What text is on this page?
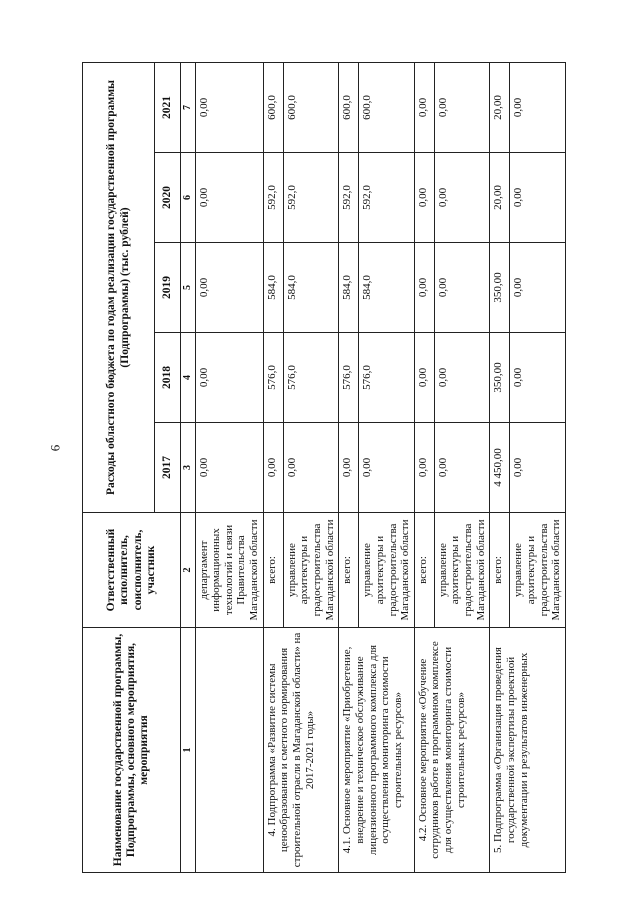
6
Наименование государственной программы, Подпрограммы, основного мероприятия, мероприятия	Ответственный исполнитель, соисполнитель, участник	Расходы областного бюджета по годам реализации государственной программы (Подпрограммы) (тыс. рублей)				
		2017	2018	2019	2020	2021
1	2	3	4	5	6	7
	департамент информационных технологий и связи Правительства Магаданской области	0,00	0,00	0,00	0,00	0,00
4. Подпрограмма «Развитие системы ценообразования и сметного нормирования строительной отрасли в Магаданской области» на 2017-2021 годы»	всего:	0,00	576,0	584,0	592,0	600,0
	управление архитектуры и градостроительства Магаданской области	0,00	576,0	584,0	592,0	600,0
4.1. Основное мероприятие «Приобретение, внедрение и техническое обслуживание лицензионного программного комплекса для осуществления мониторинга стоимости строительных ресурсов»	всего:	0,00	576,0	584,0	592,0	600,0
	управление архитектуры и градостроительства Магаданской области	0,00	576,0	584,0	592,0	600,0
4.2. Основное мероприятие «Обучение сотрудников работе в программном комплексе для осуществления мониторинга стоимости строительных ресурсов»	всего:	0,00	0,00	0,00	0,00	0,00
	управление архитектуры и градостроительства Магаданской области	0,00	0,00	0,00	0,00	0,00
5. Подпрограмма «Организация проведения государственной экспертизы проектной документации и результатов инженерных	всего:	4 450,00	350,00	350,00	20,00	20,00
	управление архитектуры и градостроительства Магаданской области	0,00	0,00	0,00	0,00	0,00
